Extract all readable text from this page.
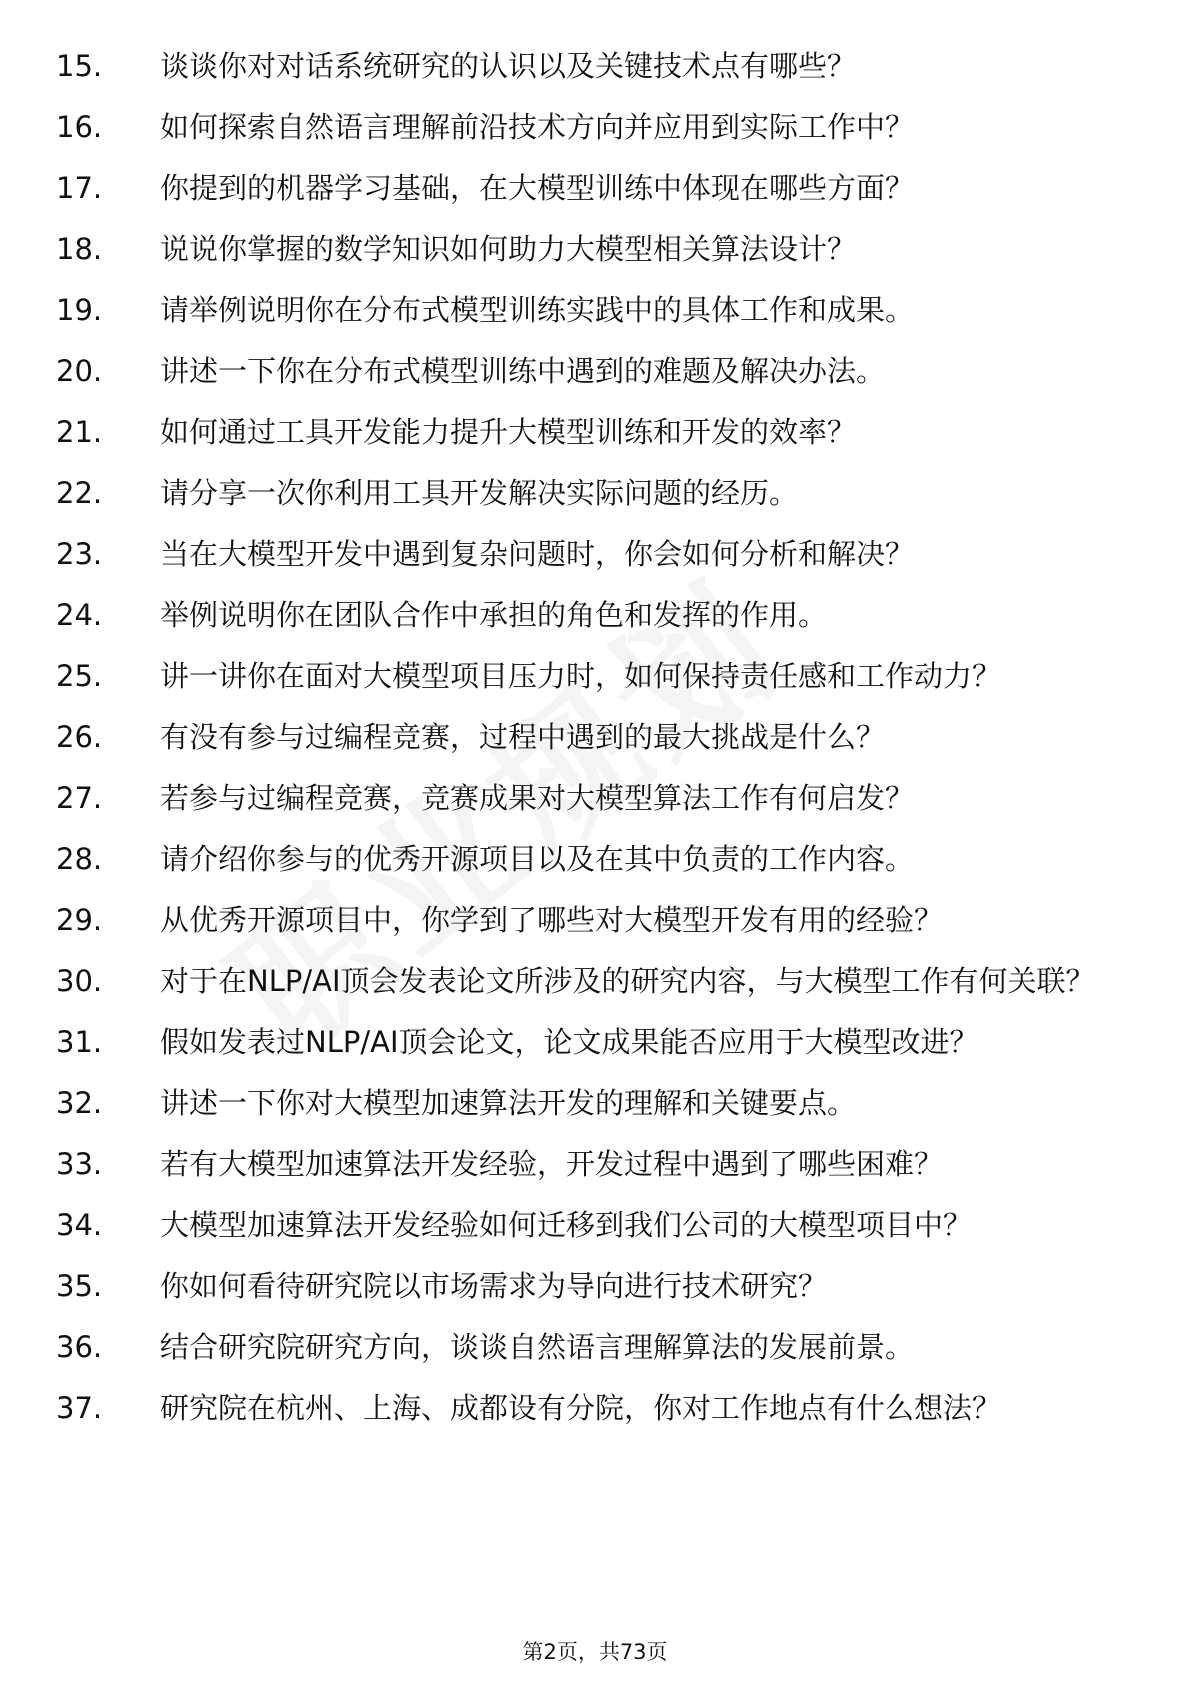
15.	谈谈你对对话系统研究的认识以及关键技术点有哪些？
16.	如何探索自然语言理解前沿技术方向并应用到实际工作中？
17.	你提到的机器学习基础，在大模型训练中体现在哪些方面？
18.	说说你掌握的数学知识如何助力大模型相关算法设计？
19.	请举例说明你在分布式模型训练实践中的具体工作和成果。
20.	讲述一下你在分布式模型训练中遇到的难题及解决办法。
21.	如何通过工具开发能力提升大模型训练和开发的效率？
22.	请分享一次你利用工具开发解决实际问题的经历。
23.	当在大模型开发中遇到复杂问题时，你会如何分析和解决？
24.	举例说明你在团队合作中承担的角色和发挥的作用。
25.	讲一讲你在面对大模型项目压力时，如何保持责任感和工作动力？
26.	有没有参与过编程竞赛，过程中遇到的最大挑战是什么？
27.	若参与过编程竞赛，竞赛成果对大模型算法工作有何启发？
28.	请介绍你参与的优秀开源项目以及在其中负责的工作内容。
29.	从优秀开源项目中，你学到了哪些对大模型开发有用的经验？
30.	对于在NLP/AI顶会发表论文所涉及的研究内容，与大模型工作有何关联？
31.	假如发表过NLP/AI顶会论文，论文成果能否应用于大模型改进？
32.	讲述一下你对大模型加速算法开发的理解和关键要点。
33.	若有大模型加速算法开发经验，开发过程中遇到了哪些困难？
34.	大模型加速算法开发经验如何迁移到我们公司的大模型项目中？
35.	你如何看待研究院以市场需求为导向进行技术研究？
36.	结合研究院研究方向，谈谈自然语言理解算法的发展前景。
37.	研究院在杭州、上海、成都设有分院，你对工作地点有什么想法？
第2页，共73页
